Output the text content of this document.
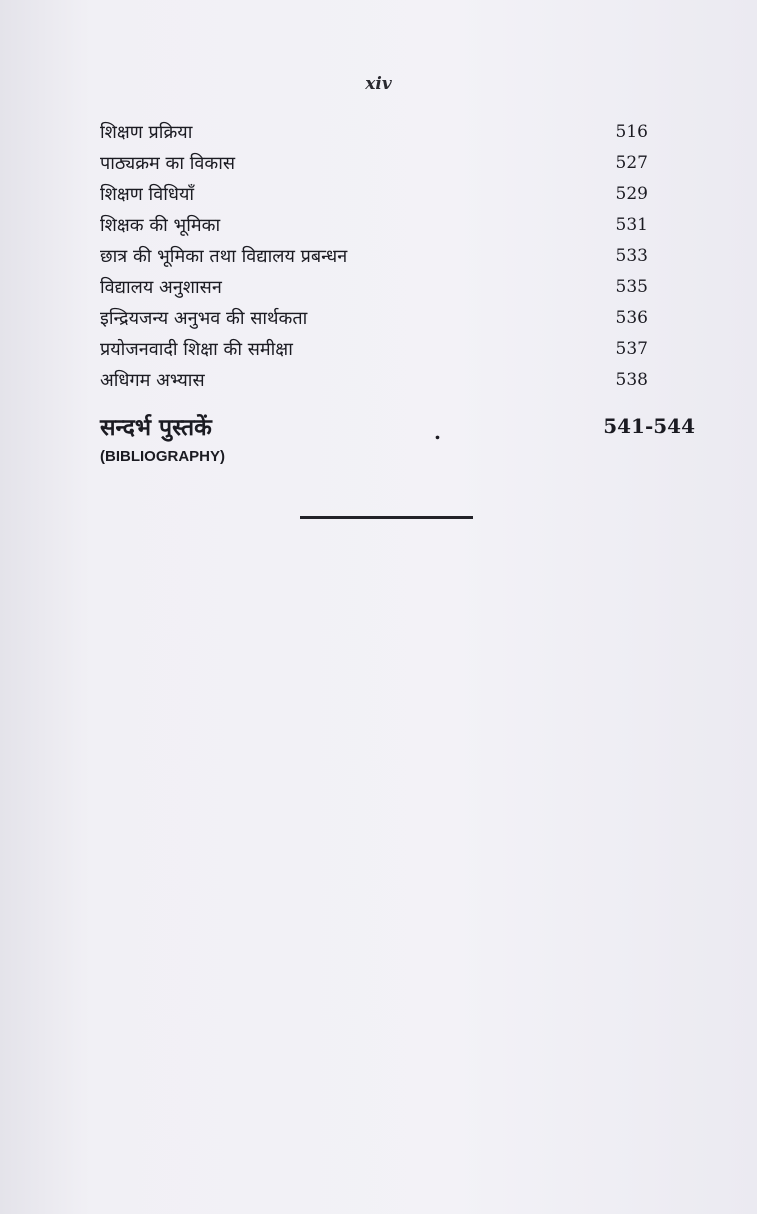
xiv
शिक्षण प्रक्रिया	516
पाठ्यक्रम का विकास	527
शिक्षण विधियाँ	529
शिक्षक की भूमिका	531
छात्र की भूमिका तथा विद्यालय प्रबन्धन	533
विद्यालय अनुशासन	535
इन्द्रियजन्य अनुभव की सार्थकता	536
प्रयोजनवादी शिक्षा की समीक्षा	537
अधिगम अभ्यास	538
सन्दर्भ पुस्तकें	.	541-544
(BIBLIOGRAPHY)
